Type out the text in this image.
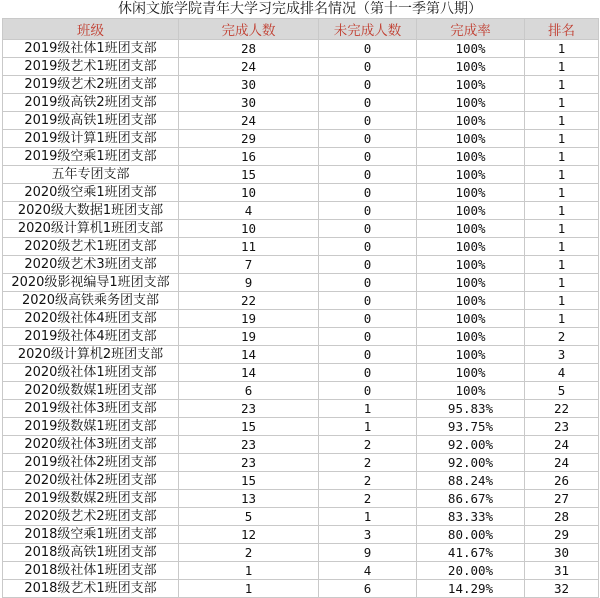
休闲文旅学院青年大学习完成排名情况（第十一季第八期）
班级	完成人数	未完成人数	完成率	排名
2019级社体1班团支部	28	0	100%	1
2019级艺术1班团支部	24	0	100%	1
2019级艺术2班团支部	30	0	100%	1
2019级高铁2班团支部	30	0	100%	1
2019级高铁1班团支部	24	0	100%	1
2019级计算1班团支部	29	0	100%	1
2019级空乘1班团支部	16	0	100%	1
五年专团支部	15	0	100%	1
2020级空乘1班团支部	10	0	100%	1
2020级大数据1班团支部	4	0	100%	1
2020级计算机1班团支部	10	0	100%	1
2020级艺术1班团支部	11	0	100%	1
2020级艺术3班团支部	7	0	100%	1
2020级影视编导1班团支部	9	0	100%	1
2020级高铁乘务团支部	22	0	100%	1
2020级社体4班团支部	19	0	100%	1
2019级社体4班团支部	19	0	100%	2
2020级计算机2班团支部	14	0	100%	3
2020级社体1班团支部	14	0	100%	4
2020级数媒1班团支部	6	0	100%	5
2019级社体3班团支部	23	1	95.83%	22
2019级数媒1班团支部	15	1	93.75%	23
2020级社体3班团支部	23	2	92.00%	24
2019级社体2班团支部	23	2	92.00%	24
2020级社体2班团支部	15	2	88.24%	26
2019级数媒2班团支部	13	2	86.67%	27
2020级艺术2班团支部	5	1	83.33%	28
2018级空乘1班团支部	12	3	80.00%	29
2018级高铁1班团支部	2	9	41.67%	30
2018级社体1班团支部	1	4	20.00%	31
2018级艺术1班团支部	1	6	14.29%	32
